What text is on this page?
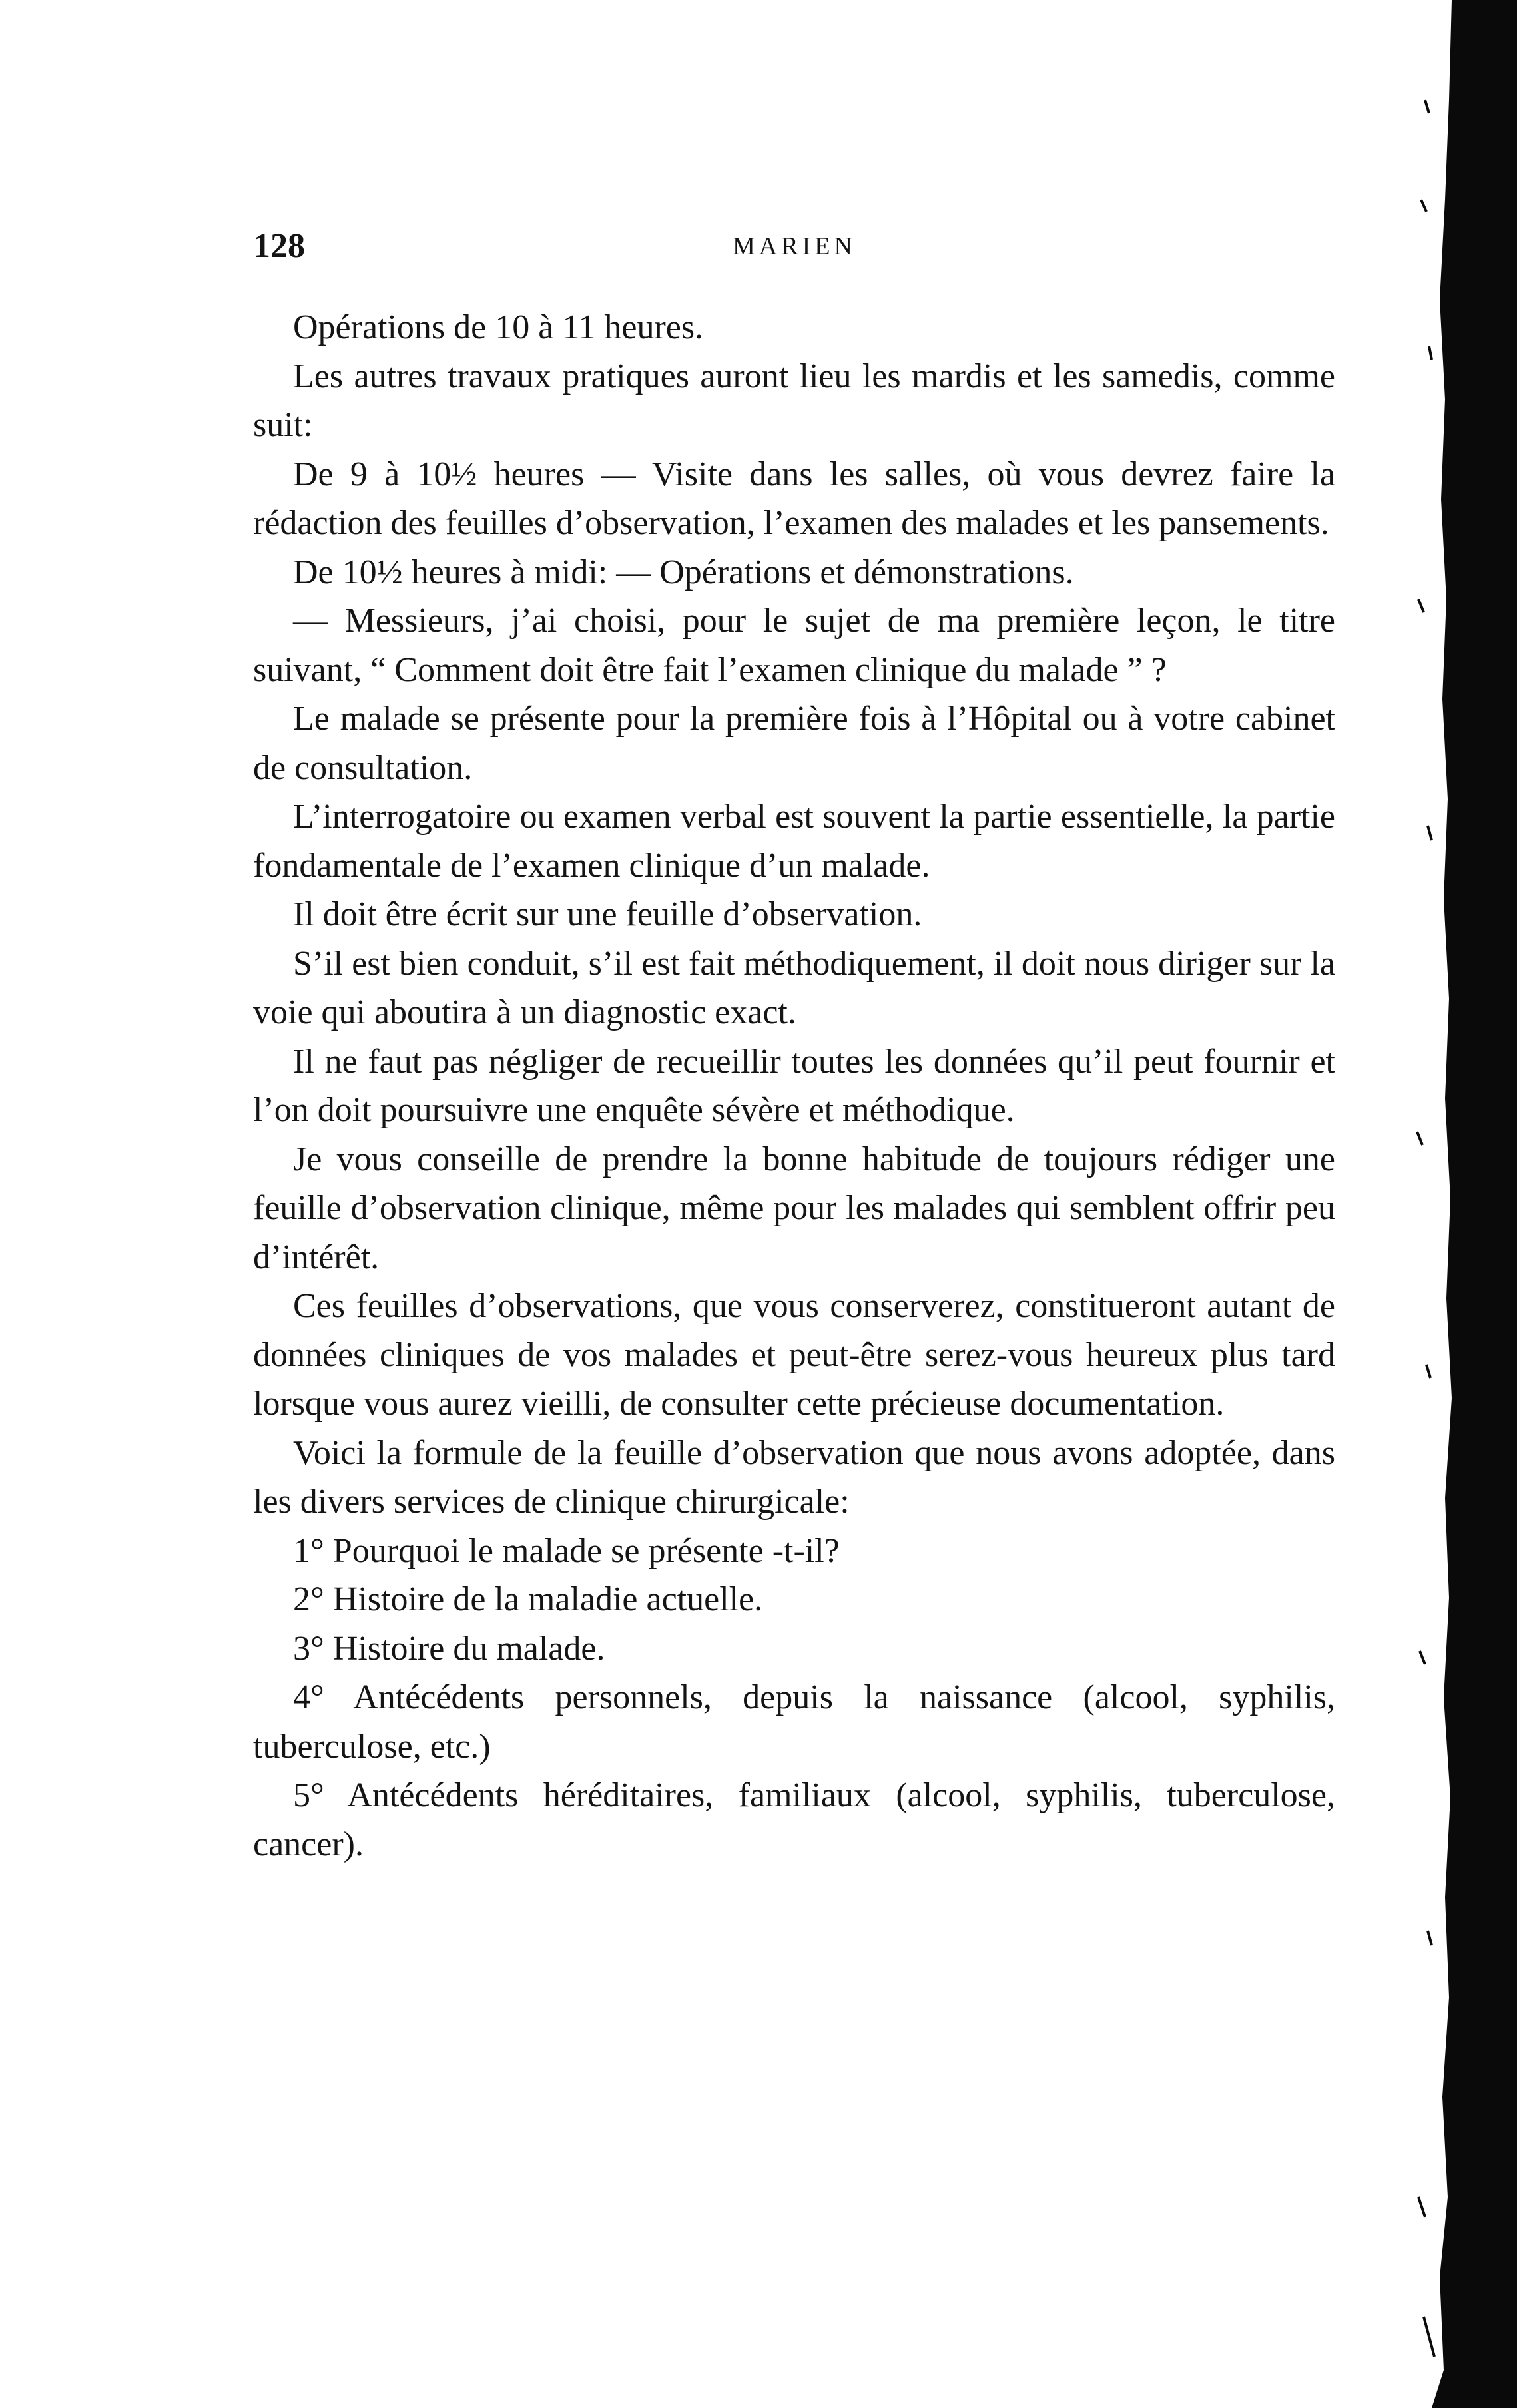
128	MARIEN

Opérations de 10 à 11 heures.

Les autres travaux pratiques auront lieu les mardis et les samedis, comme suit:

De 9 à 10½ heures — Visite dans les salles, où vous devrez faire la rédaction des feuilles d’observation, l’examen des malades et les pansements.

De 10½ heures à midi: — Opérations et démonstrations.

— Messieurs, j’ai choisi, pour le sujet de ma première leçon, le titre suivant, “ Comment doit être fait l’examen clinique du malade ” ?

Le malade se présente pour la première fois à l’Hôpital ou à votre cabinet de consultation.

L’interrogatoire ou examen verbal est souvent la partie essentielle, la partie fondamentale de l’examen clinique d’un malade.

Il doit être écrit sur une feuille d’observation.

S’il est bien conduit, s’il est fait méthodiquement, il doit nous diriger sur la voie qui aboutira à un diagnostic exact.

Il ne faut pas négliger de recueillir toutes les données qu’il peut fournir et l’on doit poursuivre une enquête sévère et méthodique.

Je vous conseille de prendre la bonne habitude de toujours rédiger une feuille d’observation clinique, même pour les malades qui semblent offrir peu d’intérêt.

Ces feuilles d’observations, que vous conserverez, constitueront autant de données cliniques de vos malades et peut-être serez-vous heureux plus tard lorsque vous aurez vieilli, de consulter cette précieuse documentation.

Voici la formule de la feuille d’observation que nous avons adoptée, dans les divers services de clinique chirurgicale:

1° Pourquoi le malade se présente -t-il?

2° Histoire de la maladie actuelle.

3° Histoire du malade.

4° Antécédents personnels, depuis la naissance (alcool, syphilis, tuberculose, etc.)

5° Antécédents héréditaires, familiaux (alcool, syphilis, tuberculose, cancer).
